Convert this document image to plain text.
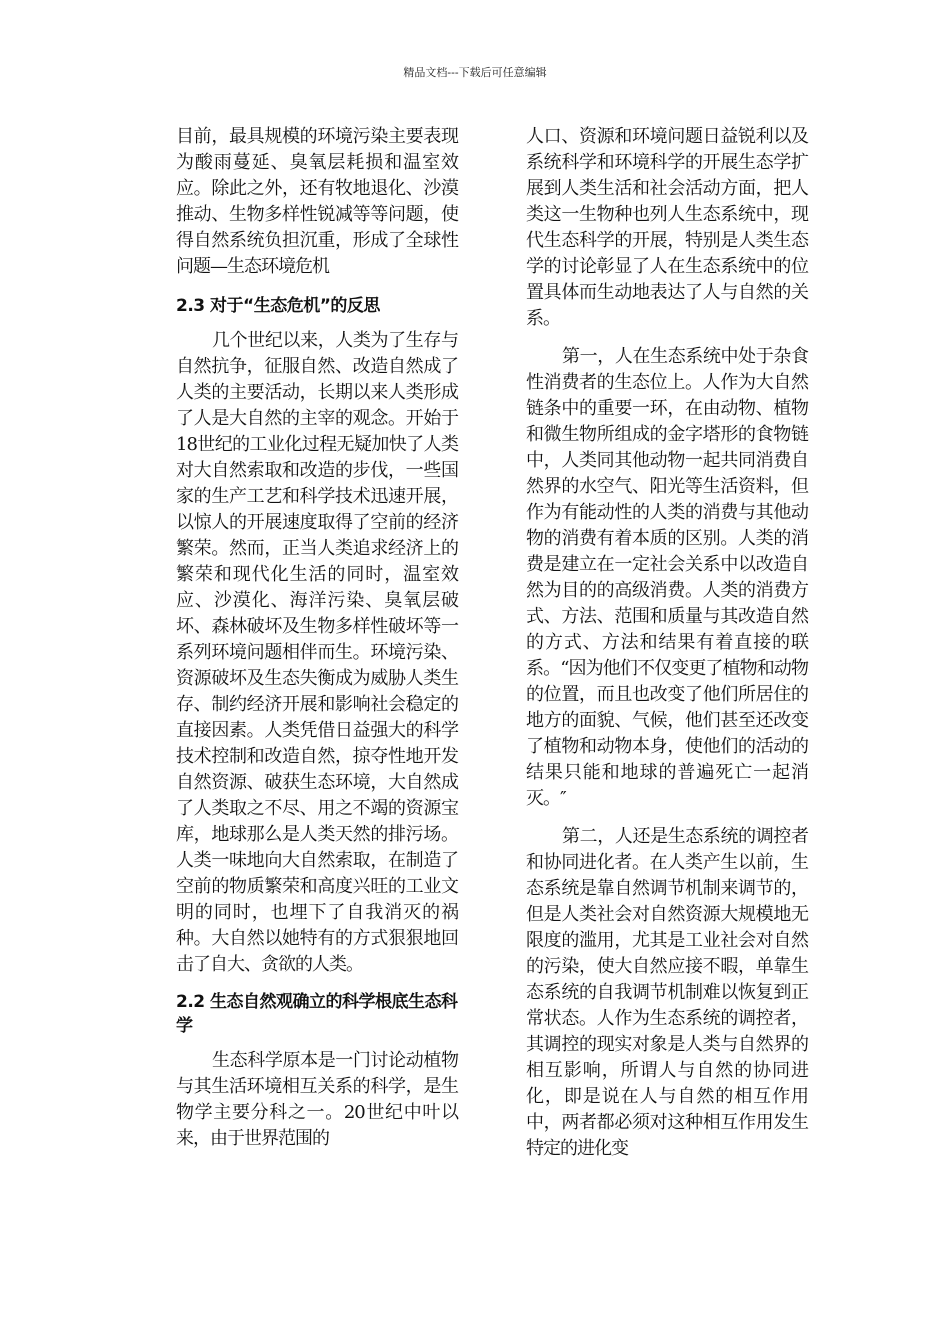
精品文档---下载后可任意编辑

目前，最具规模的环境污染主要表现为酸雨蔓延、臭氧层耗损和温室效应。除此之外，还有牧地退化、沙漠推动、生物多样性锐减等等问题，使得自然系统负担沉重，形成了全球性问题—生态环境危机

2.3 对于“生态危机”的反思

几个世纪以来，人类为了生存与自然抗争，征服自然、改造自然成了人类的主要活动，长期以来人类形成了人是大自然的主宰的观念。开始于18世纪的工业化过程无疑加快了人类对大自然索取和改造的步伐，一些国家的生产工艺和科学技术迅速开展，以惊人的开展速度取得了空前的经济繁荣。然而，正当人类追求经济上的繁荣和现代化生活的同时，温室效应、沙漠化、海洋污染、臭氧层破坏、森林破坏及生物多样性破坏等一系列环境问题相伴而生。环境污染、资源破坏及生态失衡成为威胁人类生存、制约经济开展和影响社会稳定的直接因素。人类凭借日益强大的科学技术控制和改造自然，掠夺性地开发自然资源、破获生态环境，大自然成了人类取之不尽、用之不竭的资源宝库，地球那么是人类天然的排污场。人类一味地向大自然索取，在制造了空前的物质繁荣和高度兴旺的工业文明的同时，也埋下了自我消灭的祸种。大自然以她特有的方式狠狠地回击了自大、贪欲的人类。

2.2 生态自然观确立的科学根底生态科学

生态科学原本是一门讨论动植物与其生活环境相互关系的科学，是生物学主要分科之一。20世纪中叶以来，由于世界范围的

人口、资源和环境问题日益锐利以及系统科学和环境科学的开展生态学扩展到人类生活和社会活动方面，把人类这一生物种也列人生态系统中，现代生态科学的开展，特别是人类生态学的讨论彰显了人在生态系统中的位置具体而生动地表达了人与自然的关系。

第一，人在生态系统中处于杂食性消费者的生态位上。人作为大自然链条中的重要一环，在由动物、植物和微生物所组成的金字塔形的食物链中，人类同其他动物一起共同消费自然界的水空气、阳光等生活资料，但作为有能动性的人类的消费与其他动物的消费有着本质的区别。人类的消费是建立在一定社会关系中以改造自然为目的的高级消费。人类的消费方式、方法、范围和质量与其改造自然的方式、方法和结果有着直接的联系。“因为他们不仅变更了植物和动物的位置，而且也改变了他们所居住的地方的面貌、气候，他们甚至还改变了植物和动物本身，使他们的活动的结果只能和地球的普遍死亡一起消灭。″

第二，人还是生态系统的调控者和协同进化者。在人类产生以前，生态系统是靠自然调节机制来调节的，但是人类社会对自然资源大规模地无限度的滥用，尤其是工业社会对自然的污染，使大自然应接不暇，单靠生态系统的自我调节机制难以恢复到正常状态。人作为生态系统的调控者，其调控的现实对象是人类与自然界的相互影响，所谓人与自然的协同进化，即是说在人与自然的相互作用中，两者都必须对这种相互作用发生特定的进化变
